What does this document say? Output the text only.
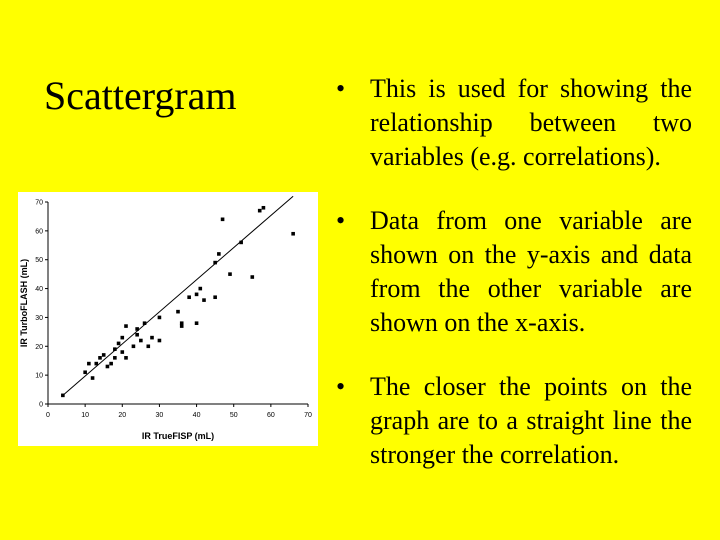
Scattergram	• This is used for showing the relationship between two variables (e.g. correlations).
• Data from one variable are shown on the y-axis and data from the other variable are shown on the x-axis.
• The closer the points on the graph are to a straight line the stronger the correlation.
0	10	20	30	40	50	60	70
0
10
20
30
40
50
60
70
IR TrueFISP (mL)
IR TurboFLASH (mL)
